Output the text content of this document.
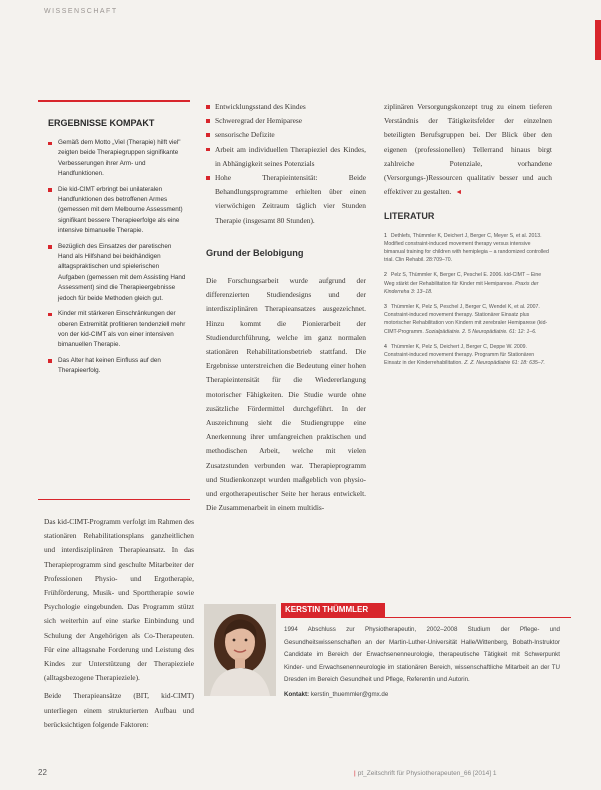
WISSENSCHAFT
ERGEBNISSE KOMPAKT
Gemäß dem Motto „Viel (Therapie) hilft viel" zeigten beide Therapiegruppen signifikante Verbesserungen ihrer Arm- und Handfunktionen.
Die kid-CIMT erbringt bei unilateralen Handfunktionen des betroffenen Armes (gemessen mit dem Melbourne Assessment) signifikant bessere Therapieerfolge als eine intensive bimanuelle Therapie.
Bezüglich des Einsatzes der paretischen Hand als Hilfshand bei beidhändigen alltagspraktischen und spielerischen Aufgaben (gemessen mit dem Assisting Hand Assessment) sind die Therapieergebnisse jedoch für beide Methoden gleich gut.
Kinder mit stärkeren Einschränkungen der oberen Extremität profitieren tendenziell mehr von der kid-CIMT als von einer intensiven bimanuellen Therapie.
Das Alter hat keinen Einfluss auf den Therapieerfolg.

Das kid-CIMT-Programm verfolgt im Rahmen des stationären Rehabilitationsplans ganzheitlichen und interdisziplinären Therapieansatz. In das Therapieprogramm sind geschulte Mitarbeiter der Professionen Physio- und Ergotherapie, Frühförderung, Musik- und Sporttherapie sowie Psychologie eingebunden. Das Programm stützt sich weiterhin auf eine starke Einbindung und Schulung der Angehörigen als Co-Therapeuten. Für eine alltagsnahe Forderung und Leistung des Kindes zur Unterstützung der Therapieziele (alltagsbezogene Therapieziele).

Beide Therapieansätze (BIT, kid-CIMT) unterliegen einem strukturierten Aufbau und berücksichtigen folgende Faktoren:

Entwicklungsstand des Kindes
Schweregrad der Hemiparese
sensorische Defizite
Arbeit am individuellen Therapieziel des Kindes, in Abhängigkeit seines Potenzials
Hohe Therapieintensität: Beide Behandlungsprogramme erhielten über einen vierwöchigen Zeitraum täglich vier Stunden Therapie (insgesamt 80 Stunden).
Grund der Belobigung

Die Forschungsarbeit wurde aufgrund der differenzierten Studiendesigns und der interdisziplinären Therapieansatzes ausgezeichnet. Hinzu kommt die Pionierarbeit der Studiendurchführung, welche im ganz normalen stationären Rehabilitationsbetrieb stattfand. Die Ergebnisse unterstreichen die Bedeutung einer hohen Therapieintensität für die Wiedererlangung motorischer Fähigkeiten. Die Studie wurde ohne zusätzliche Fördermittel durchgeführt. In der Auszeichnung sieht die Studiengruppe eine Anerkennung ihrer umfangreichen praktischen und methodischen Arbeit, welche mit vielen Zusatzstunden verbunden war. Therapieprogramm und Studienkonzept wurden maßgeblich von physio- und ergotherapeutischer Seite her heraus entwickelt. Die Zusammenarbeit in einem multidis-

ziplinären Versorgungskonzept trug zu einem tieferen Verständnis der Tätigkeitsfelder der einzelnen beteiligten Berufsgruppen bei. Der Blick über den eigenen (professionellen) Tellerrand hinaus birgt zahlreiche Potenziale, vorhandene (Versorgungs-)Ressourcen qualitativ besser und auch effektiver zu gestalten. ◄

LITERATUR
1 Dethlefs, Thümmler K, Deichert J, Berger C, Meyer S, et al. 2013. Modified constraint-induced movement therapy versus intensive bimanual training for children with hemiplegia – a randomized controlled trial. Clin Rehabil. 28:709–70.
2 Pelz S, Thümmler K, Berger C, Peschel E. 2006. kid-CIMT – Eine Weg stärkt der Rehabilitation für Kinder mit Hemiparese. Praxis der Kinderreha 3: 13–18.
3 Thümmler K, Pelz S, Peschel J, Berger C, Wendel K, et al. 2007. Constraint-induced movement therapy. Stationärer Einsatz plus motorischer Rehabilitation von Kindern mit zerebraler Hemiparese (kid-CIMT-Programm. Sozialpädiatrie. 2. 5 Neuropädiatrie. 61: 12: 1–6.
4 Thümmler K, Pelz S, Deichert J, Berger C, Deppe W. 2009. Constraint-induced movement therapy. Programm für Stationären Einsatz in der Kinderrehabilitation. Z. Z. Neuropädiatrie 61: 18: 635–7.
KERSTIN THÜMMLER
1994 Abschluss zur Physiotherapeutin, 2002–2008 Studium der Pflege- und Gesundheitswissenschaften an der Martin-Luther-Universität Halle/Wittenberg, Bobath-Instruktor Candidate im Bereich der Erwachsenenneurologie, therapeutische Tätigkeit mit Schwerpunkt Kinder- und Erwachsenenneurologie im stationären Bereich, wissenschaftliche Mitarbeit an der TU Dresden im Bereich Gesundheit und Pflege, Referentin und Autorin.
Kontakt: kerstin_thuemmler@gmx.de
22	| pt_Zeitschrift für Physiotherapeuten_66 [2014] 1
